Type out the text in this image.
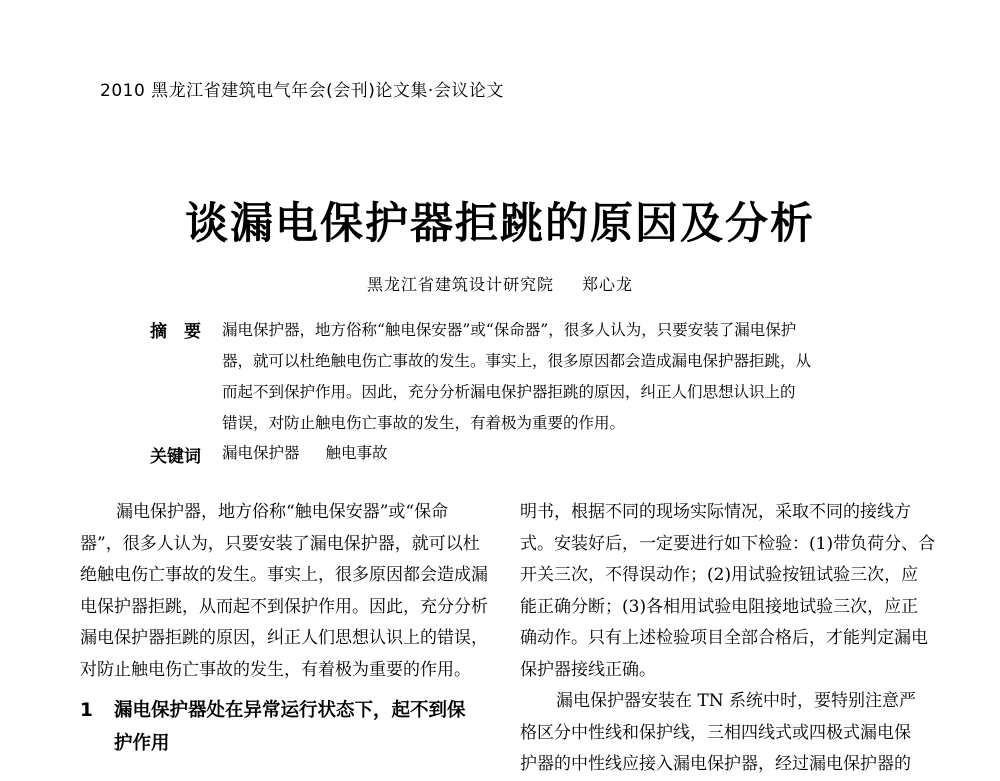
2010 黑龙江省建筑电气年会(会刊)论文集·会议论文
谈漏电保护器拒跳的原因及分析
黑龙江省建筑设计研究院 郑心龙
摘　要 漏电保护器，地方俗称“触电保安器”或“保命器”，很多人认为，只要安装了漏电保护
器，就可以杜绝触电伤亡事故的发生。事实上，很多原因都会造成漏电保护器拒跳，从
而起不到保护作用。因此，充分分析漏电保护器拒跳的原因，纠正人们思想认识上的
错误，对防止触电伤亡事故的发生，有着极为重要的作用。
关键词 漏电保护器 触电事故
漏电保护器，地方俗称“触电保安器”或“保命
器”，很多人认为，只要安装了漏电保护器，就可以杜
绝触电伤亡事故的发生。事实上，很多原因都会造成漏
电保护器拒跳，从而起不到保护作用。因此，充分分析
漏电保护器拒跳的原因，纠正人们思想认识上的错误，
对防止触电伤亡事故的发生，有着极为重要的作用。
1 漏电保护器处在异常运行状态下，起不到保
护作用
明书，根据不同的现场实际情况，采取不同的接线方
式。安装好后，一定要进行如下检验：(1)带负荷分、合
开关三次，不得误动作；(2)用试验按钮试验三次，应
能正确分断；(3)各相用试验电阻接地试验三次，应正
确动作。只有上述检验项目全部合格后，才能判定漏电
保护器接线正确。
漏电保护器安装在 TN 系统中时，要特别注意严
格区分中性线和保护线，三相四线式或四极式漏电保
护器的中性线应接入漏电保护器，经过漏电保护器的
